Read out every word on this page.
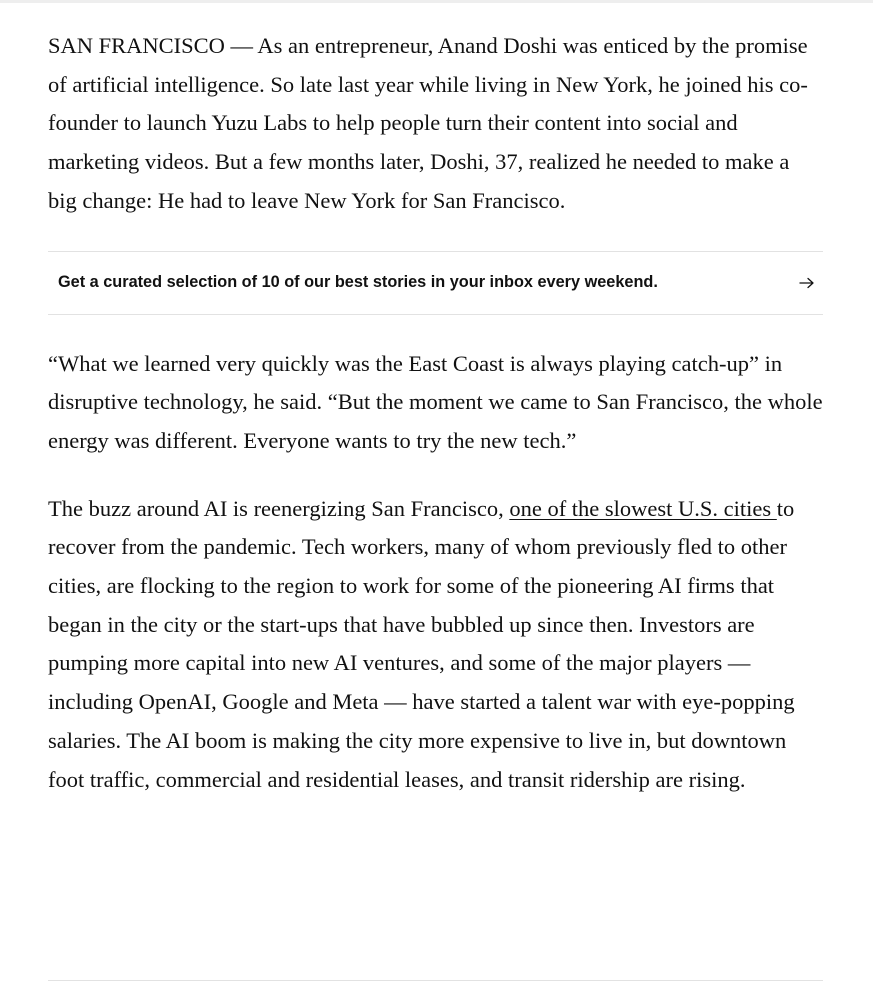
SAN FRANCISCO — As an entrepreneur, Anand Doshi was enticed by the promise of artificial intelligence. So late last year while living in New York, he joined his co-founder to launch Yuzu Labs to help people turn their content into social and marketing videos. But a few months later, Doshi, 37, realized he needed to make a big change: He had to leave New York for San Francisco.

Get a curated selection of 10 of our best stories in your inbox every weekend.

“What we learned very quickly was the East Coast is always playing catch-up” in disruptive technology, he said. “But the moment we came to San Francisco, the whole energy was different. Everyone wants to try the new tech.”

The buzz around AI is reenergizing San Francisco, one of the slowest U.S. cities to recover from the pandemic. Tech workers, many of whom previously fled to other cities, are flocking to the region to work for some of the pioneering AI firms that began in the city or the start-ups that have bubbled up since then. Investors are pumping more capital into new AI ventures, and some of the major players — including OpenAI, Google and Meta — have started a talent war with eye-popping salaries. The AI boom is making the city more expensive to live in, but downtown foot traffic, commercial and residential leases, and transit ridership are rising.
